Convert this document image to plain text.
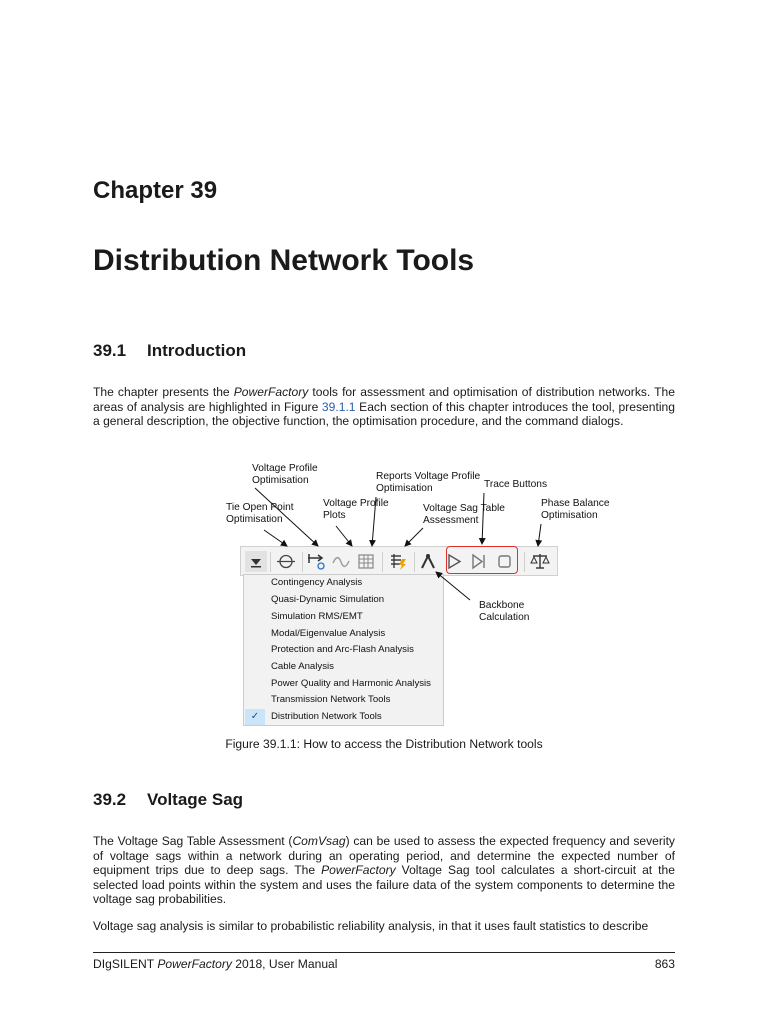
Chapter 39
Distribution Network Tools
39.1 Introduction

The chapter presents the PowerFactory tools for assessment and optimisation of distribution networks. The areas of analysis are highlighted in Figure 39.1.1 Each section of this chapter introduces the tool, presenting a general description, the objective function, the optimisation procedure, and the command dialogs.

Voltage Profile
Optimisation	Reports Voltage Profile
Optimisation	Trace Buttons
Tie Open Point
Optimisation
Voltage Profile
Plots
Voltage Sag Table
Assessment
Phase Balance
Optimisation
Backbone
Calculation
Contingency Analysis
Quasi-Dynamic Simulation
Simulation RMS/EMT
Modal/Eigenvalue Analysis
Protection and Arc-Flash Analysis
Cable Analysis
Power Quality and Harmonic Analysis
Transmission Network Tools
✓	Distribution Network Tools
Figure 39.1.1: How to access the Distribution Network tools
39.2 Voltage Sag

The Voltage Sag Table Assessment (ComVsag) can be used to assess the expected frequency and severity of voltage sags within a network during an operating period, and determine the expected number of equipment trips due to deep sags. The PowerFactory Voltage Sag tool calculates a short-circuit at the selected load points within the system and uses the failure data of the system components to determine the voltage sag probabilities.

Voltage sag analysis is similar to probabilistic reliability analysis, in that it uses fault statistics to describe

DIgSILENT PowerFactory 2018, User Manual	863
